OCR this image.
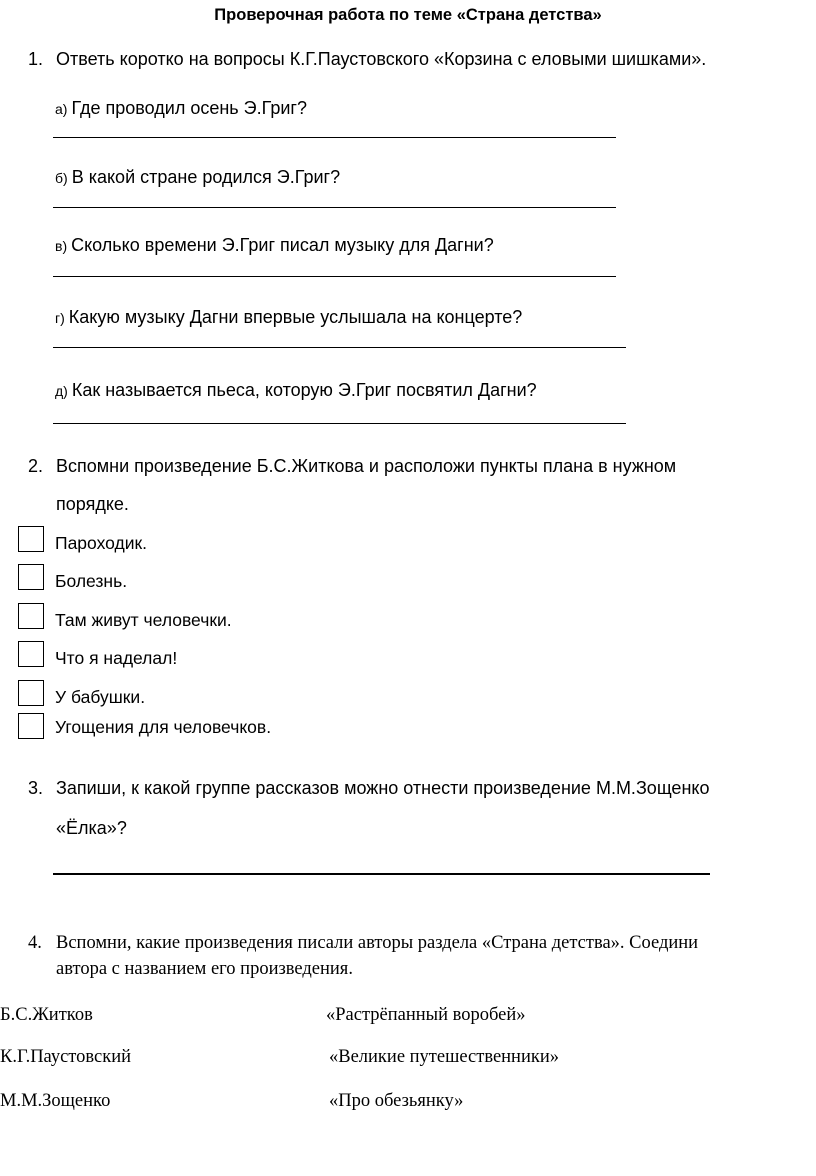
Проверочная работа по теме «Страна детства»
1. Ответь коротко на вопросы К.Г.Паустовского «Корзина с еловыми шишками».
а) Где проводил осень Э.Григ?
б) В какой стране родился Э.Григ?
в) Сколько времени Э.Григ писал музыку для Дагни?
г) Какую музыку Дагни впервые услышала на концерте?
д) Как называется пьеса, которую Э.Григ посвятил Дагни?
2. Вспомни произведение Б.С.Житкова и расположи пункты плана в нужном
порядке.
Пароходик.
Болезнь.
Там живут человечки.
Что я наделал!
У бабушки.
Угощения для человечков.
3. Запиши, к какой группе рассказов можно отнести произведение М.М.Зощенко
«Ёлка»?
4. Вспомни, какие произведения писали авторы раздела «Страна детства». Соедини
автора с названием его произведения.
Б.С.Житков	«Растрёпанный воробей»
К.Г.Паустовский	«Великие путешественники»
М.М.Зощенко	«Про обезьянку»
